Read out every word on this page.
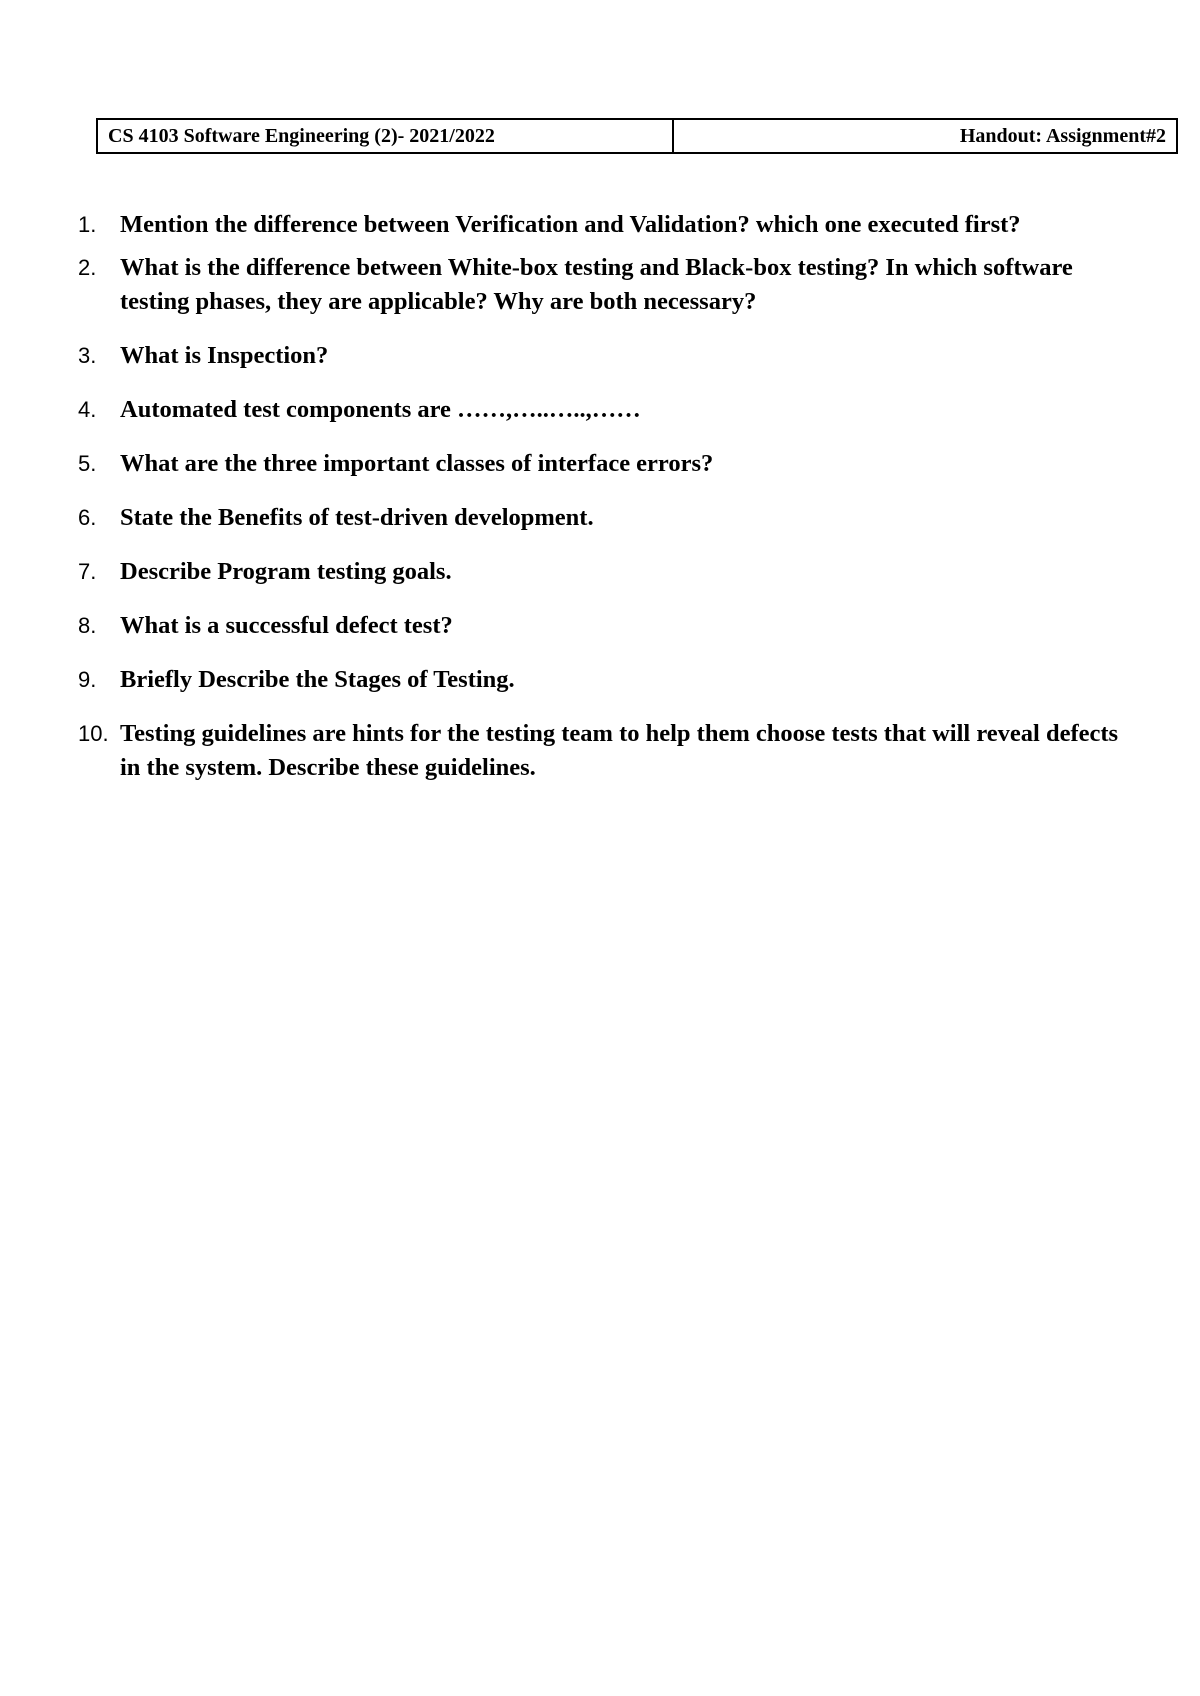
CS 4103 Software Engineering (2)- 2021/2022	Handout: Assignment#2
1. Mention the difference between Verification and Validation? which one executed first?
2. What is the difference between White-box testing and Black-box testing? In which software testing phases, they are applicable? Why are both necessary?
3. What is Inspection?
4. Automated test components are ……,…..…..,……
5. What are the three important classes of interface errors?
6. State the Benefits of test-driven development.
7. Describe Program testing goals.
8. What is a successful defect test?
9. Briefly Describe the Stages of Testing.
10. Testing guidelines are hints for the testing team to help them choose tests that will reveal defects in the system. Describe these guidelines.
